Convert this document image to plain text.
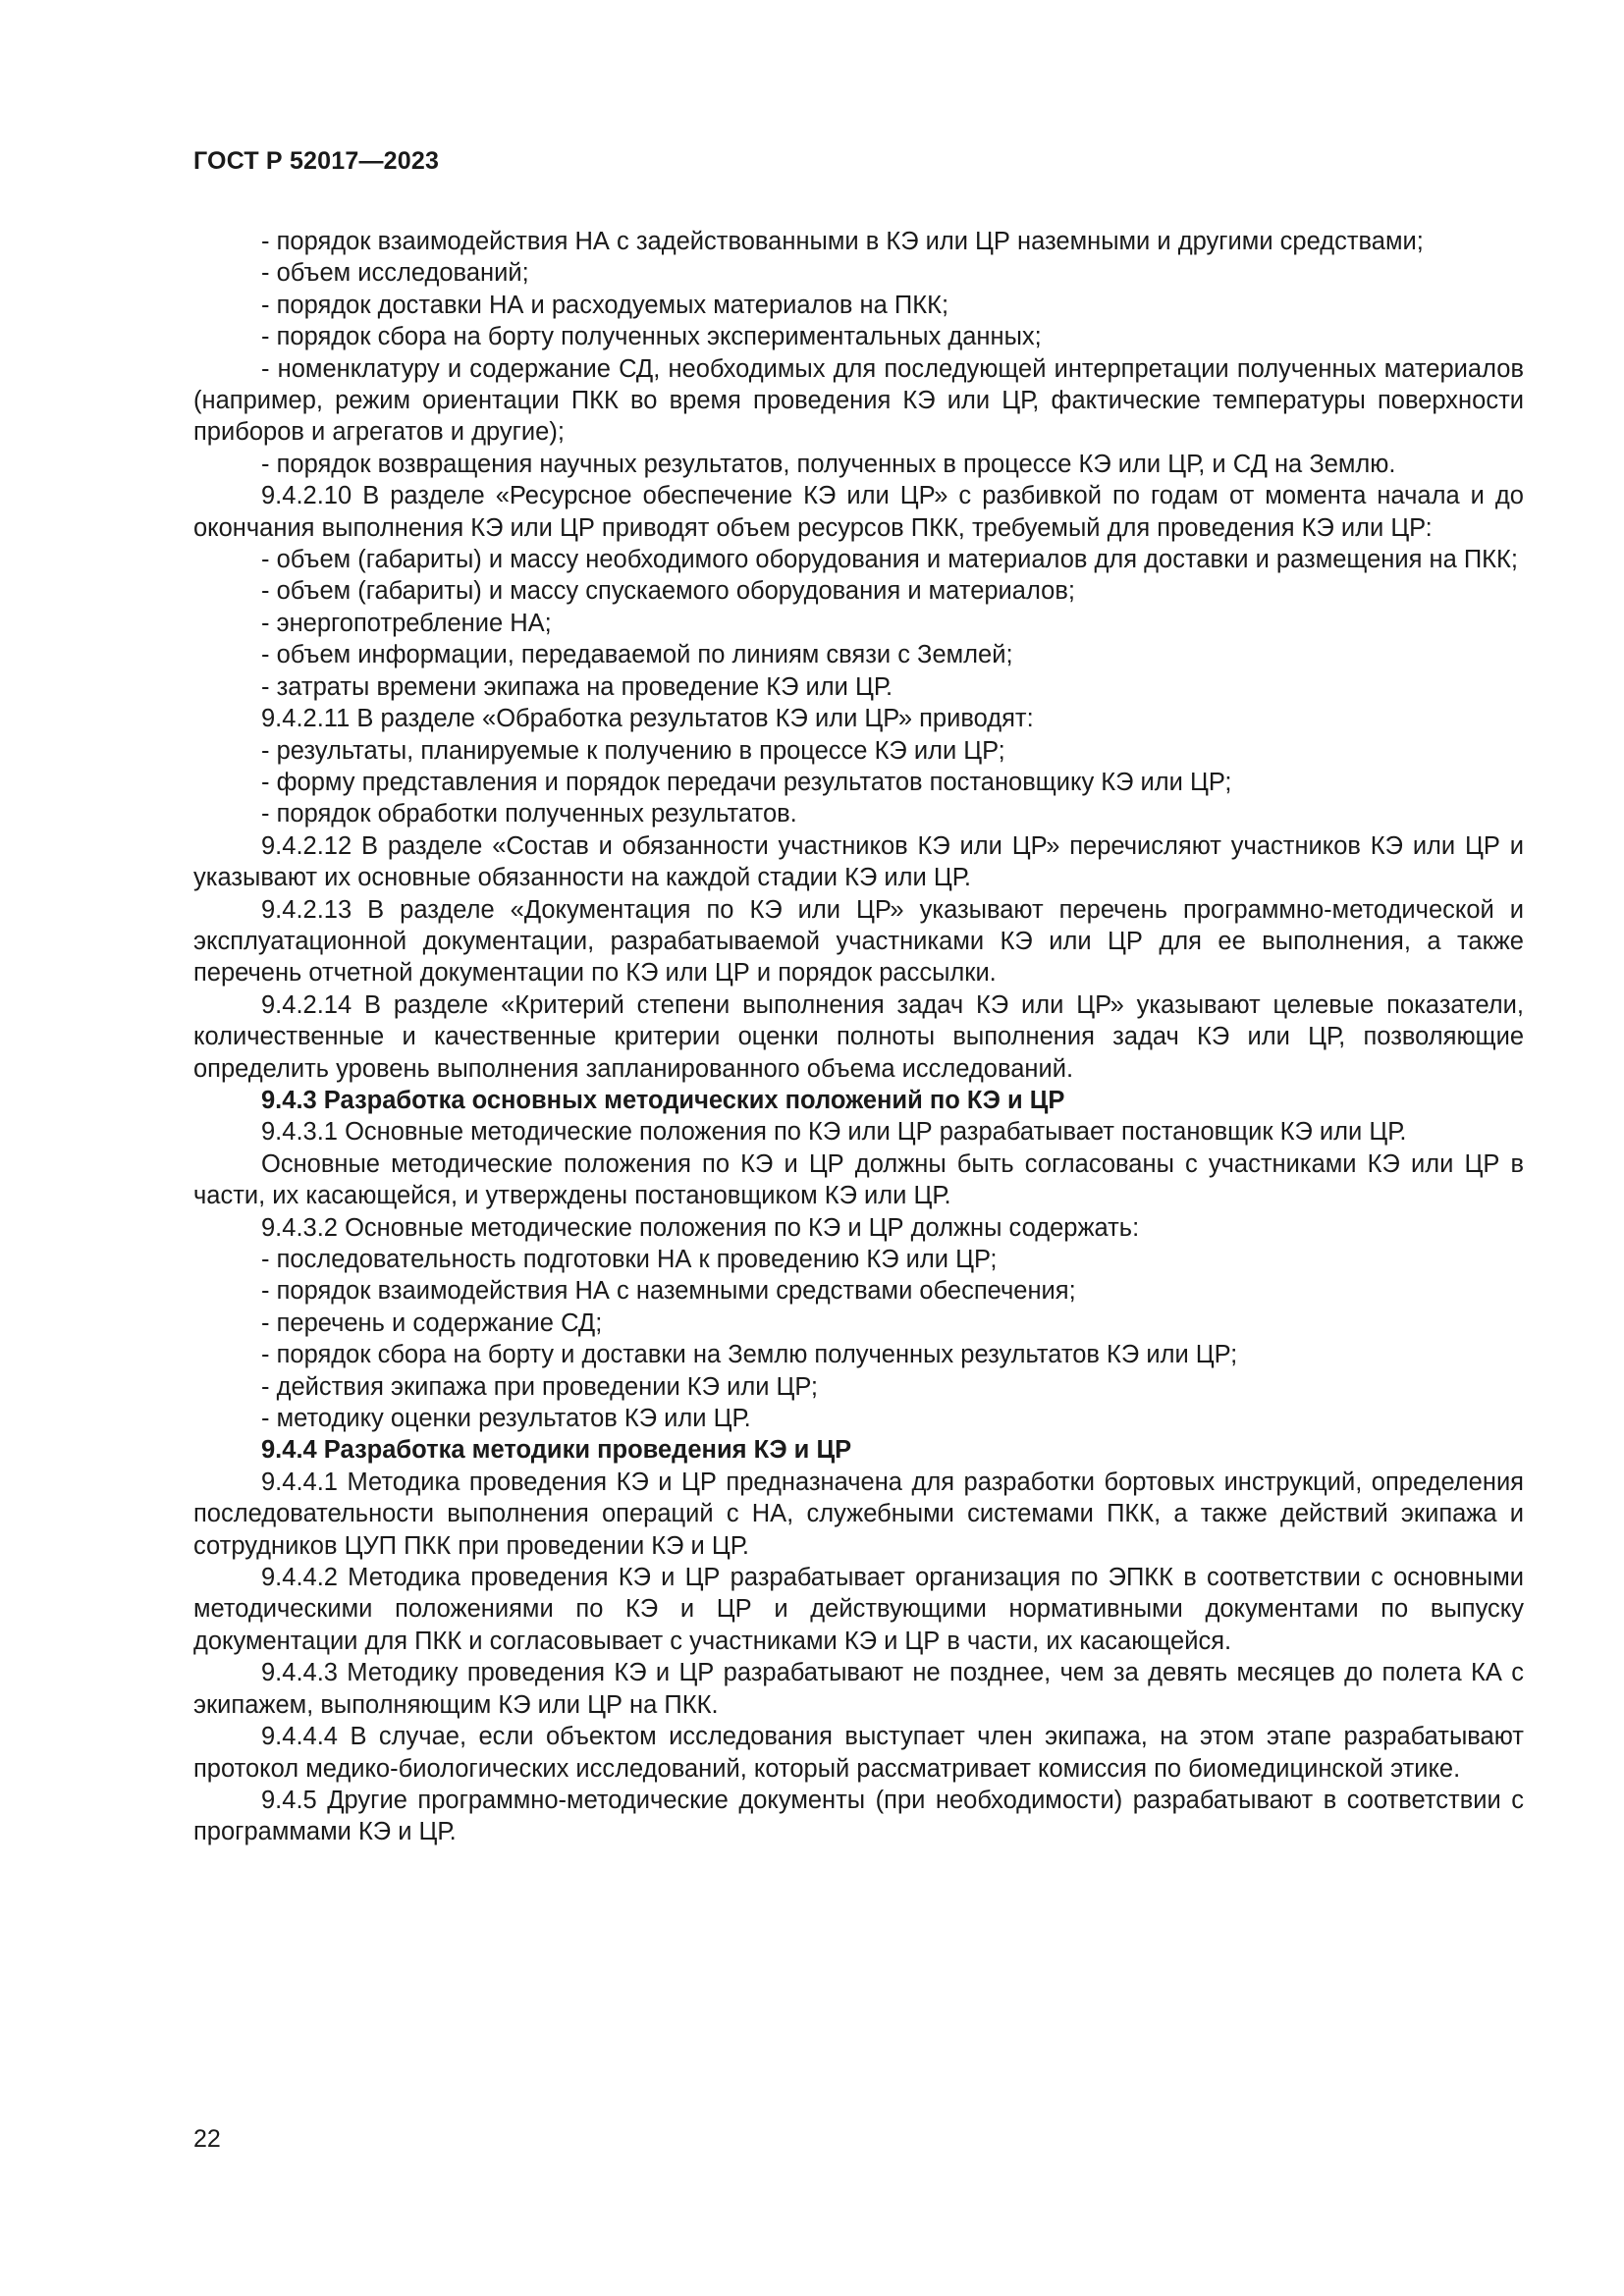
ГОСТ Р 52017—2023

- порядок взаимодействия НА с задействованными в КЭ или ЦР наземными и другими средствами;

- объем исследований;

- порядок доставки НА и расходуемых материалов на ПКК;

- порядок сбора на борту полученных экспериментальных данных;

- номенклатуру и содержание СД, необходимых для последующей интерпретации полученных материалов (например, режим ориентации ПКК во время проведения КЭ или ЦР, фактические температуры поверхности приборов и агрегатов и другие);

- порядок возвращения научных результатов, полученных в процессе КЭ или ЦР, и СД на Землю.

9.4.2.10 В разделе «Ресурсное обеспечение КЭ или ЦР» с разбивкой по годам от момента начала и до окончания выполнения КЭ или ЦР приводят объем ресурсов ПКК, требуемый для проведения КЭ или ЦР:

- объем (габариты) и массу необходимого оборудования и материалов для доставки и размещения на ПКК;

- объем (габариты) и массу спускаемого оборудования и материалов;

- энергопотребление НА;

- объем информации, передаваемой по линиям связи с Землей;

- затраты времени экипажа на проведение КЭ или ЦР.

9.4.2.11 В разделе «Обработка результатов КЭ или ЦР» приводят:

- результаты, планируемые к получению в процессе КЭ или ЦР;

- форму представления и порядок передачи результатов постановщику КЭ или ЦР;

- порядок обработки полученных результатов.

9.4.2.12 В разделе «Состав и обязанности участников КЭ или ЦР» перечисляют участников КЭ или ЦР и указывают их основные обязанности на каждой стадии КЭ или ЦР.

9.4.2.13 В разделе «Документация по КЭ или ЦР» указывают перечень программно-методической и эксплуатационной документации, разрабатываемой участниками КЭ или ЦР для ее выполнения, а также перечень отчетной документации по КЭ или ЦР и порядок рассылки.

9.4.2.14 В разделе «Критерий степени выполнения задач КЭ или ЦР» указывают целевые показатели, количественные и качественные критерии оценки полноты выполнения задач КЭ или ЦР, позволяющие определить уровень выполнения запланированного объема исследований.

9.4.3 Разработка основных методических положений по КЭ и ЦР

9.4.3.1 Основные методические положения по КЭ или ЦР разрабатывает постановщик КЭ или ЦР.

Основные методические положения по КЭ и ЦР должны быть согласованы с участниками КЭ или ЦР в части, их касающейся, и утверждены постановщиком КЭ или ЦР.

9.4.3.2 Основные методические положения по КЭ и ЦР должны содержать:

- последовательность подготовки НА к проведению КЭ или ЦР;

- порядок взаимодействия НА с наземными средствами обеспечения;

- перечень и содержание СД;

- порядок сбора на борту и доставки на Землю полученных результатов КЭ или ЦР;

- действия экипажа при проведении КЭ или ЦР;

- методику оценки результатов КЭ или ЦР.

9.4.4 Разработка методики проведения КЭ и ЦР

9.4.4.1 Методика проведения КЭ и ЦР предназначена для разработки бортовых инструкций, определения последовательности выполнения операций с НА, служебными системами ПКК, а также действий экипажа и сотрудников ЦУП ПКК при проведении КЭ и ЦР.

9.4.4.2 Методика проведения КЭ и ЦР разрабатывает организация по ЭПКК в соответствии с основными методическими положениями по КЭ и ЦР и действующими нормативными документами по выпуску документации для ПКК и согласовывает с участниками КЭ и ЦР в части, их касающейся.

9.4.4.3 Методику проведения КЭ и ЦР разрабатывают не позднее, чем за девять месяцев до полета КА с экипажем, выполняющим КЭ или ЦР на ПКК.

9.4.4.4 В случае, если объектом исследования выступает член экипажа, на этом этапе разрабатывают протокол медико-биологических исследований, который рассматривает комиссия по биомедицинской этике.

9.4.5 Другие программно-методические документы (при необходимости) разрабатывают в соответствии с программами КЭ и ЦР.

22
